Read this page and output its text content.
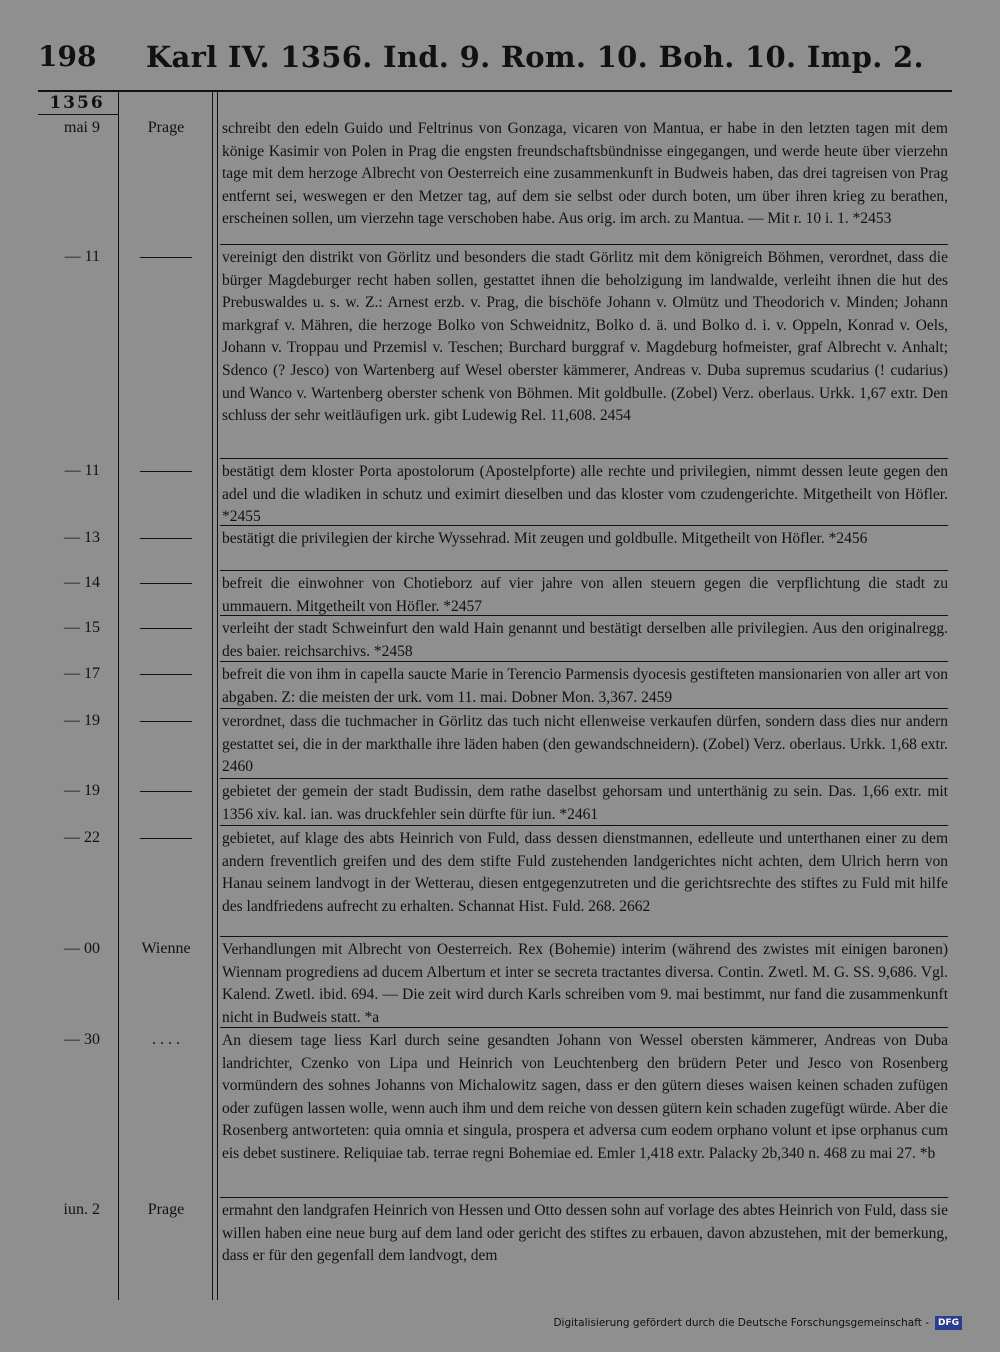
198 Karl IV. 1356. Ind. 9. Rom. 10. Boh. 10. Imp. 2.
1356
mai 9	Prage	schreibt den edeln Guido und Feltrinus von Gonzaga, vicaren von Mantua, er habe in den letzten tagen mit dem könige Kasimir von Polen in Prag die engsten freundschaftsbündnisse eingegangen, und werde heute über vierzehn tage mit dem herzoge Albrecht von Oesterreich eine zusammenkunft in Budweis haben, das drei tagreisen von Prag entfernt sei, weswegen er den Metzer tag, auf dem sie selbst oder durch boten, um über ihren krieg zu berathen, erscheinen sollen, um vierzehn tage verschoben habe. Aus orig. im arch. zu Mantua. — Mit r. 10 i. 1. *2453

— 11	vereinigt den distrikt von Görlitz und besonders die stadt Görlitz mit dem königreich Böhmen, verordnet, dass die bürger Magdeburger recht haben sollen, gestattet ihnen die beholzigung im landwalde, verleiht ihnen die hut des Prebuswaldes u. s. w. Z.: Arnest erzb. v. Prag, die bischöfe Johann v. Olmütz und Theodorich v. Minden; Johann markgraf v. Mähren, die herzoge Bolko von Schweidnitz, Bolko d. ä. und Bolko d. i. v. Oppeln, Konrad v. Oels, Johann v. Troppau und Przemisl v. Teschen; Burchard burggraf v. Magdeburg hofmeister, graf Albrecht v. Anhalt; Sdenco (? Jesco) von Wartenberg auf Wesel oberster kämmerer, Andreas v. Duba supremus scudarius (! cudarius) und Wanco v. Wartenberg oberster schenk von Böhmen. Mit goldbulle. (Zobel) Verz. oberlaus. Urkk. 1,67 extr. Den schluss der sehr weitläufigen urk. gibt Ludewig Rel. 11,608. 2454

— 11	bestätigt dem kloster Porta apostolorum (Apostelpforte) alle rechte und privilegien, nimmt dessen leute gegen den adel und die wladiken in schutz und eximirt dieselben und das kloster vom czudengerichte. Mitgetheilt von Höfler. *2455

— 13	bestätigt die privilegien der kirche Wyssehrad. Mit zeugen und goldbulle. Mitgetheilt von Höfler. *2456

— 14	befreit die einwohner von Chotieborz auf vier jahre von allen steuern gegen die verpflichtung die stadt zu ummauern. Mitgetheilt von Höfler. *2457

— 15	verleiht der stadt Schweinfurt den wald Hain genannt und bestätigt derselben alle privilegien. Aus den originalregg. des baier. reichsarchivs. *2458

— 17	befreit die von ihm in capella saucte Marie in Terencio Parmensis dyocesis gestifteten mansionarien von aller art von abgaben. Z: die meisten der urk. vom 11. mai. Dobner Mon. 3,367. 2459

— 19	verordnet, dass die tuchmacher in Görlitz das tuch nicht ellenweise verkaufen dürfen, sondern dass dies nur andern gestattet sei, die in der markthalle ihre läden haben (den gewandschneidern). (Zobel) Verz. oberlaus. Urkk. 1,68 extr. 2460

— 19	gebietet der gemein der stadt Budissin, dem rathe daselbst gehorsam und unterthänig zu sein. Das. 1,66 extr. mit 1356 xiv. kal. ian. was druckfehler sein dürfte für iun. *2461

— 22	gebietet, auf klage des abts Heinrich von Fuld, dass dessen dienstmannen, edelleute und unterthanen einer zu dem andern freventlich greifen und des dem stifte Fuld zustehenden landgerichtes nicht achten, dem Ulrich herrn von Hanau seinem landvogt in der Wetterau, diesen entgegenzutreten und die gerichtsrechte des stiftes zu Fuld mit hilfe des landfriedens aufrecht zu erhalten. Schannat Hist. Fuld. 268. 2662

— 00	Wienne	Verhandlungen mit Albrecht von Oesterreich. Rex (Bohemie) interim (während des zwistes mit einigen baronen) Wiennam progrediens ad ducem Albertum et inter se secreta tractantes diversa. Contin. Zwetl. M. G. SS. 9,686. Vgl. Kalend. Zwetl. ibid. 694. — Die zeit wird durch Karls schreiben vom 9. mai bestimmt, nur fand die zusammenkunft nicht in Budweis statt. *a

— 30	. . . .	An diesem tage liess Karl durch seine gesandten Johann von Wessel obersten kämmerer, Andreas von Duba landrichter, Czenko von Lipa und Heinrich von Leuchtenberg den brüdern Peter und Jesco von Rosenberg vormündern des sohnes Johanns von Michalowitz sagen, dass er den gütern dieses waisen keinen schaden zufügen oder zufügen lassen wolle, wenn auch ihm und dem reiche von dessen gütern kein schaden zugefügt würde. Aber die Rosenberg antworteten: quia omnia et singula, prospera et adversa cum eodem orphano volunt et ipse orphanus cum eis debet sustinere. Reliquiae tab. terrae regni Bohemiae ed. Emler 1,418 extr. Palacky 2b,340 n. 468 zu mai 27. *b

iun. 2	Prage	ermahnt den landgrafen Heinrich von Hessen und Otto dessen sohn auf vorlage des abtes Heinrich von Fuld, dass sie willen haben eine neue burg auf dem land oder gericht des stiftes zu erbauen, davon abzustehen, mit der bemerkung, dass er für den gegenfall dem landvogt, dem

Digitalisierung gefördert durch die Deutsche Forschungsgemeinschaft -	DFG
